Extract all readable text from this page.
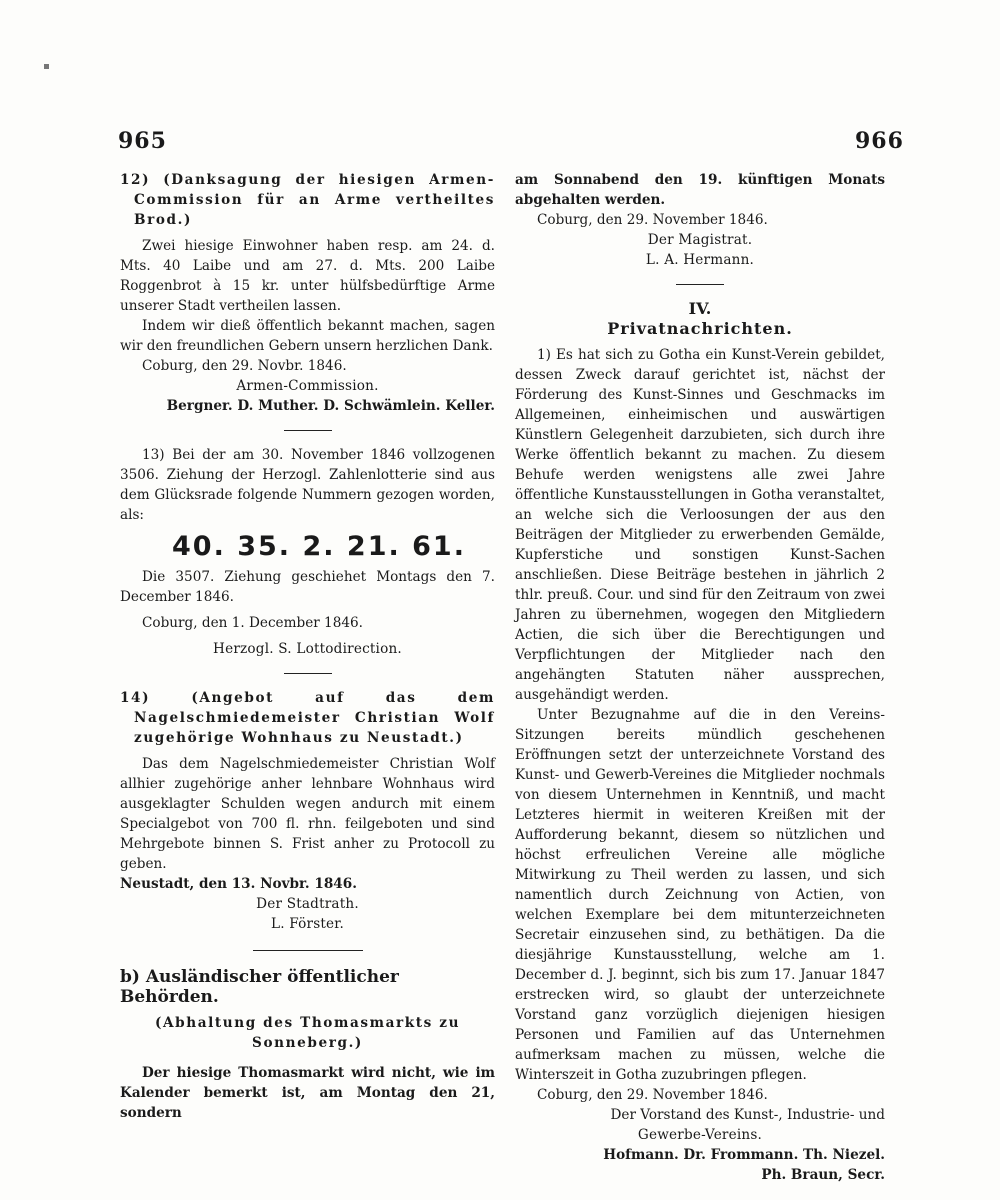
965	966

12) (Danksagung der hiesigen Armen-Commission für an Arme vertheiltes Brod.)

Zwei hiesige Einwohner haben resp. am 24. d. Mts. 40 Laibe und am 27. d. Mts. 200 Laibe Roggenbrot à 15 kr. unter hülfsbedürftige Arme unserer Stadt vertheilen lassen.

Indem wir dieß öffentlich bekannt machen, sagen wir den freundlichen Gebern unsern herzlichen Dank.

Coburg, den 29. Novbr. 1846.

Armen-Commission.

Bergner. D. Muther. D. Schwämlein. Keller.

13) Bei der am 30. November 1846 vollzogenen 3506. Ziehung der Herzogl. Zahlenlotterie sind aus dem Glücksrade folgende Nummern gezogen worden, als:

40. 35. 2. 21. 61.

Die 3507. Ziehung geschiehet Montags den 7. December 1846.

Coburg, den 1. December 1846.

Herzogl. S. Lottodirection.

14) (Angebot auf das dem Nagelschmiedemeister Christian Wolf zugehörige Wohnhaus zu Neustadt.)

Das dem Nagelschmiedemeister Christian Wolf allhier zugehörige anher lehnbare Wohnhaus wird ausgeklagter Schulden wegen andurch mit einem Specialgebot von 700 fl. rhn. feilgeboten und sind Mehrgebote binnen S. Frist anher zu Protocoll zu geben.

Neustadt, den 13. Novbr. 1846.

Der Stadtrath.

L. Förster.

b) Ausländischer öffentlicher Behörden.

(Abhaltung des Thomasmarkts zu Sonneberg.)

Der hiesige Thomasmarkt wird nicht, wie im Kalender bemerkt ist, am Montag den 21, sondern

am Sonnabend den 19. künftigen Monats abgehalten werden.

Coburg, den 29. November 1846.

Der Magistrat.

L. A. Hermann.

IV.

Privatnachrichten.

1) Es hat sich zu Gotha ein Kunst-Verein gebildet, dessen Zweck darauf gerichtet ist, nächst der Förderung des Kunst-Sinnes und Geschmacks im Allgemeinen, einheimischen und auswärtigen Künstlern Gelegenheit darzubieten, sich durch ihre Werke öffentlich bekannt zu machen. Zu diesem Behufe werden wenigstens alle zwei Jahre öffentliche Kunstausstellungen in Gotha veranstaltet, an welche sich die Verloosungen der aus den Beiträgen der Mitglieder zu erwerbenden Gemälde, Kupferstiche und sonstigen Kunst-Sachen anschließen. Diese Beiträge bestehen in jährlich 2 thlr. preuß. Cour. und sind für den Zeitraum von zwei Jahren zu übernehmen, wogegen den Mitgliedern Actien, die sich über die Berechtigungen und Verpflichtungen der Mitglieder nach den angehängten Statuten näher aussprechen, ausgehändigt werden.

Unter Bezugnahme auf die in den Vereins-Sitzungen bereits mündlich geschehenen Eröffnungen setzt der unterzeichnete Vorstand des Kunst- und Gewerb-Vereines die Mitglieder nochmals von diesem Unternehmen in Kenntniß, und macht Letzteres hiermit in weiteren Kreißen mit der Aufforderung bekannt, diesem so nützlichen und höchst erfreulichen Vereine alle mögliche Mitwirkung zu Theil werden zu lassen, und sich namentlich durch Zeichnung von Actien, von welchen Exemplare bei dem mitunterzeichneten Secretair einzusehen sind, zu bethätigen. Da die diesjährige Kunstausstellung, welche am 1. December d. J. beginnt, sich bis zum 17. Januar 1847 erstrecken wird, so glaubt der unterzeichnete Vorstand ganz vorzüglich diejenigen hiesigen Personen und Familien auf das Unternehmen aufmerksam machen zu müssen, welche die Winterszeit in Gotha zuzubringen pflegen.

Coburg, den 29. November 1846.

Der Vorstand des Kunst-, Industrie- und

Gewerbe-Vereins.

Hofmann. Dr. Frommann. Th. Niezel.

Ph. Braun, Secr.
